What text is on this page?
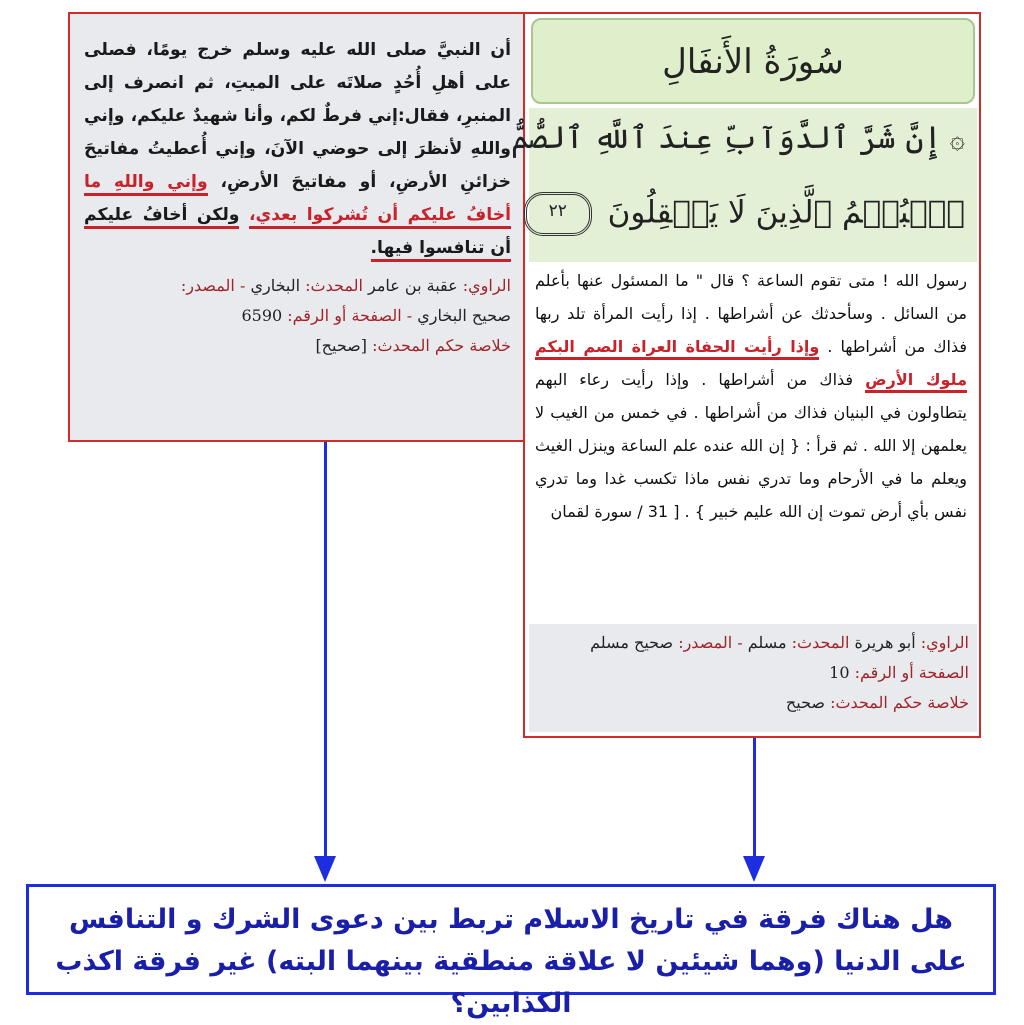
أن النبيَّ صلى الله عليه وسلم خرج يومًا، فصلى على أهلِ أُحُدٍ صلاتَه على الميتِ، ثم انصرف إلى المنبرِ، فقال:إني فرطٌ لكم، وأنا شهيدٌ عليكم، وإني واللهِ لأنظرَ إلى حوضي الآنَ، وإني أُعطيتُ مفاتيحَ خزائنِ الأرضِ، أو مفاتيحَ الأرضِ، وإني واللهِ ما أخافُ عليكم أن تُشركوا بعدي، ولكن أخافُ عليكم أن تنافسوا فيها.
الراوي: عقبة بن عامر المحدث: البخاري - المصدر:
صحيح البخاري - الصفحة أو الرقم: 6590
خلاصة حكم المحدث: [صحيح]
سُورَةُ الأَنفَالِ
۞إِنَّ شَرَّ ٱلدَّوَآبِّ عِندَ ٱللَّهِ ٱلصُّمُّ
ٱلۡبُكۡمُ ٱلَّذِينَ لَا يَعۡقِلُونَ ٢٢
رسول الله ! متى تقوم الساعة ؟ قال " ما المسئول عنها بأعلم من السائل . وسأحدثك عن أشراطها . إذا رأيت المرأة تلد ربها فذاك من أشراطها . وإذا رأيت الحفاة العراة الصم البكم ملوك الأرض فذاك من أشراطها . وإذا رأيت رعاء البهم يتطاولون في البنيان فذاك من أشراطها . في خمس من الغيب لا يعلمهن إلا الله . ثم قرأ : { إن الله عنده علم الساعة وينزل الغيث ويعلم ما في الأرحام وما تدري نفس ماذا تكسب غدا وما تدري نفس بأي أرض تموت إن الله عليم خبير } . [ 31 / سورة لقمان
الراوي: أبو هريرة المحدث: مسلم - المصدر: صحيح مسلم
الصفحة أو الرقم: 10
خلاصة حكم المحدث: صحيح
هل هناك فرقة في تاريخ الاسلام تربط بين دعوى الشرك و التنافس على الدنيا (وهما شيئين لا علاقة منطقية بينهما البته) غير فرقة اكذب الكذابين؟
